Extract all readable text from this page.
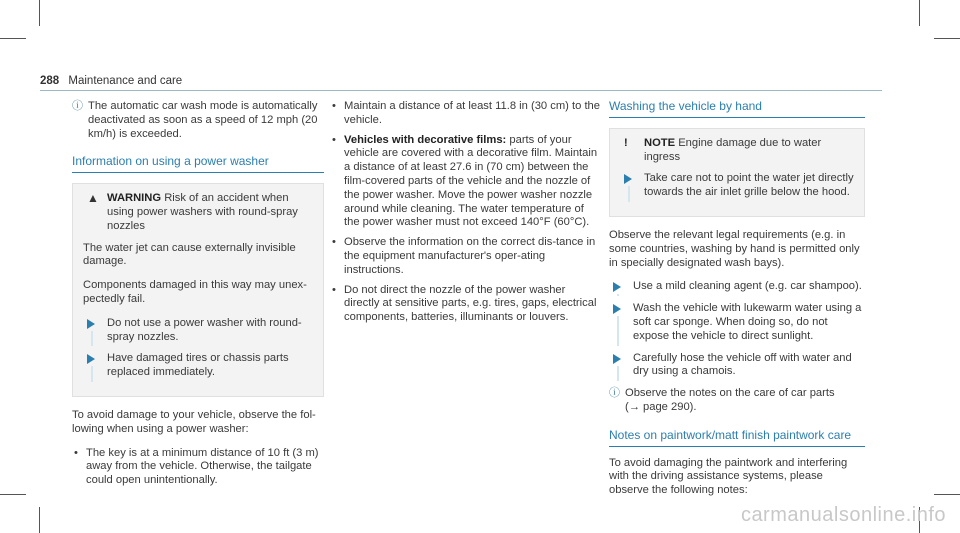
288 Maintenance and care
ⓘ The automatic car wash mode is automatically deactivated as soon as a speed of 12 mph (20 km/h) is exceeded.
Information on using a power washer
▲ WARNING Risk of an accident when using power washers with round-spray nozzles

The water jet can cause externally invisible damage.

Components damaged in this way may unex-pectedly fail.

Do not use a power washer with round-spray nozzles.
Have damaged tires or chassis parts replaced immediately.

To avoid damage to your vehicle, observe the fol-lowing when using a power washer:

• The key is at a minimum distance of 10 ft (3 m) away from the vehicle. Otherwise, the tailgate could open unintentionally.
• Maintain a distance of at least 11.8 in (30 cm) to the vehicle.
• Vehicles with decorative films: parts of your vehicle are covered with a decorative film. Maintain a distance of at least 27.6 in (70 cm) between the film-covered parts of the vehicle and the nozzle of the power washer. Move the power washer nozzle around while cleaning. The water temperature of the power washer must not exceed 140°F (60°C).
• Observe the information on the correct dis-tance in the equipment manufacturer's oper-ating instructions.
• Do not direct the nozzle of the power washer directly at sensitive parts, e.g. tires, gaps, electrical components, batteries, illuminants or louvers.
Washing the vehicle by hand
! NOTE Engine damage due to water ingress
Take care not to point the water jet directly towards the air inlet grille below the hood.

Observe the relevant legal requirements (e.g. in some countries, washing by hand is permitted only in specially designated wash bays).

Use a mild cleaning agent (e.g. car shampoo).
Wash the vehicle with lukewarm water using a soft car sponge. When doing so, do not expose the vehicle to direct sunlight.
Carefully hose the vehicle off with water and dry using a chamois.
ⓘ Observe the notes on the care of car parts
(→ page 290).
Notes on paintwork/matt finish paintwork care

To avoid damaging the paintwork and interfering with the driving assistance systems, please observe the following notes:

carmanualsonline.info
